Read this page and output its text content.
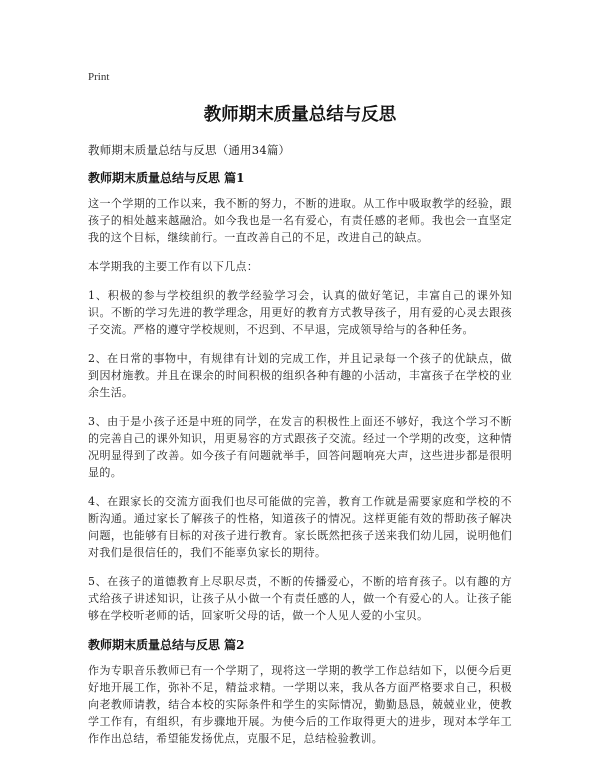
Print
教师期末质量总结与反思

教师期末质量总结与反思（通用34篇）

教师期末质量总结与反思 篇1

这一个学期的工作以来，我不断的努力，不断的进取。从工作中吸取教学的经验，跟孩子的相处越来越融洽。如今我也是一名有爱心，有责任感的老师。我也会一直坚定我的这个目标，继续前行。一直改善自己的不足，改进自己的缺点。

本学期我的主要工作有以下几点：

1、积极的参与学校组织的教学经验学习会，认真的做好笔记，丰富自己的课外知识。不断的学习先进的教学理念，用更好的教育方式教导孩子，用有爱的心灵去跟孩子交流。严格的遵守学校规则，不迟到、不早退，完成领导给与的各种任务。

2、在日常的事物中，有规律有计划的完成工作，并且记录每一个孩子的优缺点，做到因材施教。并且在课余的时间积极的组织各种有趣的小活动，丰富孩子在学校的业余生活。

3、由于是小孩子还是中班的同学，在发言的积极性上面还不够好，我这个学习不断的完善自己的课外知识，用更易容的方式跟孩子交流。经过一个学期的改变，这种情况明显得到了改善。如今孩子有问题就举手，回答问题响亮大声，这些进步都是很明显的。

4、在跟家长的交流方面我们也尽可能做的完善，教育工作就是需要家庭和学校的不断沟通。通过家长了解孩子的性格，知道孩子的情况。这样更能有效的帮助孩子解决问题，也能够有目标的对孩子进行教育。家长既然把孩子送来我们幼儿园，说明他们对我们是很信任的，我们不能辜负家长的期待。

5、在孩子的道德教育上尽职尽责，不断的传播爱心，不断的培育孩子。以有趣的方式给孩子讲述知识，让孩子从小做一个有责任感的人，做一个有爱心的人。让孩子能够在学校听老师的话，回家听父母的话，做一个人见人爱的小宝贝。

教师期末质量总结与反思 篇2

作为专职音乐教师已有一个学期了，现将这一学期的教学工作总结如下，以便今后更好地开展工作，弥补不足，精益求精。一学期以来，我从各方面严格要求自己，积极向老教师请教，结合本校的实际条件和学生的实际情况，勤勤恳恳，兢兢业业，使教学工作有，有组织，有步骤地开展。为使今后的工作取得更大的进步，现对本学年工作作出总结，希望能发扬优点，克服不足，总结检验教训。
